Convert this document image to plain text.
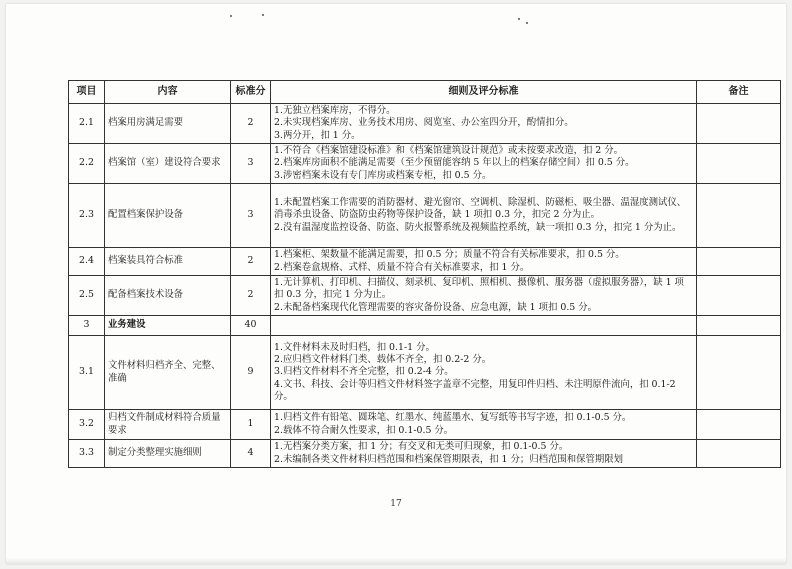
项目	内容	标准分	细则及评分标准	备注
2.1	档案用房满足需要	2	1.无独立档案库房，不得分。
2.未实现档案库房、业务技术用房、阅览室、办公室四分开，酌情扣分。
3.两分开，扣 1 分。	

2.2	档案馆（室）建设符合要求	3	1.不符合《档案馆建设标准》和《档案馆建筑设计规范》或未按要求改造，扣 2 分。
2.档案库房面积不能满足需要（至少预留能容纳 5 年以上的档案存储空间）扣 0.5 分。
3.涉密档案未设有专门库房或档案专柜，扣 0.5 分。	

2.3	配置档案保护设备	3	1.未配置档案工作需要的消防器材、避光窗帘、空调机、除湿机、防磁柜、吸尘器、温湿度测试仪、消毒杀虫设备、防盗防虫药物等保护设备，缺 1 项扣 0.3 分，扣完 2 分为止。
2.没有温湿度监控设备、防盗、防火报警系统及视频监控系统，缺一项扣 0.3 分，扣完 1 分为止。	

2.4	档案装具符合标准	2	1.档案柜、架数量不能满足需要，扣 0.5 分；质量不符合有关标准要求，扣 0.5 分。
2.档案卷盒规格、式样、质量不符合有关标准要求，扣 1 分。	

2.5	配备档案技术设备	2	1.无计算机、打印机、扫描仪、刻录机、复印机、照相机、摄像机、服务器（虚拟服务器），缺 1 项扣 0.3 分，扣完 1 分为止。
2.未配备档案现代化管理需要的容灾备份设备、应急电源，缺 1 项扣 0.5 分。	

3	业务建设	40		
3.1	文件材料归档齐全、完整、准确	9	1.文件材料未及时归档，扣 0.1-1 分。
2.应归档文件材料门类、载体不齐全，扣 0.2-2 分。
3.归档文件材料不齐全完整，扣 0.2-4 分。
4.文书、科技、会计等归档文件材料签字盖章不完整，用复印件归档、未注明原件流向，扣 0.1-2 分。	

3.2	归档文件制成材料符合质量要求	1	1.归档文件有铅笔、圆珠笔、红墨水、纯蓝墨水、复写纸等书写字迹，扣 0.1-0.5 分。
2.载体不符合耐久性要求，扣 0.1-0.5 分。	

3.3	制定分类整理实施细则	4	1.无档案分类方案，扣 1 分；有交叉和无类可归现象，扣 0.1-0.5 分。
2.未编制各类文件材料归档范围和档案保管期限表，扣 1 分；归档范围和保管期限划	

17
